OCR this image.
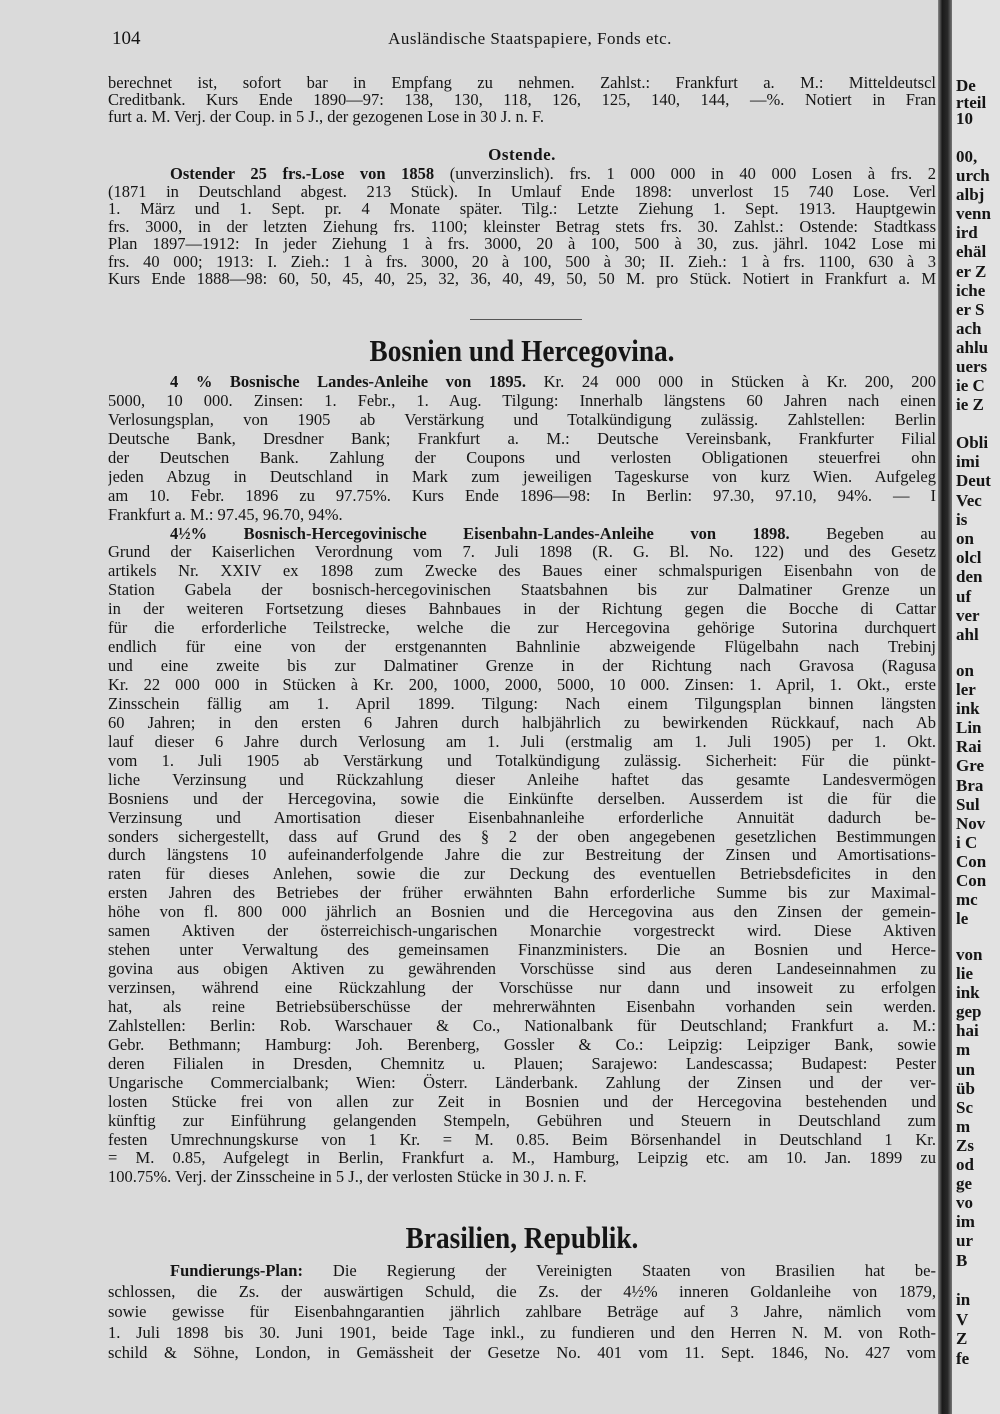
104	Ausländische Staatspapiere, Fonds etc.
berechnet ist, sofort bar in Empfang zu nehmen. Zahlst.: Frankfurt a. M.: Mitteldeutscl
Creditbank. Kurs Ende 1890—97: 138, 130, 118, 126, 125, 140, 144, —%. Notiert in Fran
furt a. M. Verj. der Coup. in 5 J., der gezogenen Lose in 30 J. n. F.
Ostende.
Ostender 25 frs.-Lose von 1858 (unverzinslich). frs. 1 000 000 in 40 000 Losen à frs. 2
(1871 in Deutschland abgest. 213 Stück). In Umlauf Ende 1898: unverlost 15 740 Lose. Verl
1. März und 1. Sept. pr. 4 Monate später. Tilg.: Letzte Ziehung 1. Sept. 1913. Hauptgewin
frs. 3000, in der letzten Ziehung frs. 1100; kleinster Betrag stets frs. 30. Zahlst.: Ostende: Stadtkass
Plan 1897—1912: In jeder Ziehung 1 à frs. 3000, 20 à 100, 500 à 30, zus. jährl. 1042 Lose mi
frs. 40 000; 1913: I. Zieh.: 1 à frs. 3000, 20 à 100, 500 à 30; II. Zieh.: 1 à frs. 1100, 630 à 3
Kurs Ende 1888—98: 60, 50, 45, 40, 25, 32, 36, 40, 49, 50, 50 M. pro Stück. Notiert in Frankfurt a. M
Bosnien und Hercegovina.
4 % Bosnische Landes-Anleihe von 1895. Kr. 24 000 000 in Stücken à Kr. 200, 200
5000, 10 000. Zinsen: 1. Febr., 1. Aug. Tilgung: Innerhalb längstens 60 Jahren nach einen
Verlosungsplan, von 1905 ab Verstärkung und Totalkündigung zulässig. Zahlstellen: Berlin
Deutsche Bank, Dresdner Bank; Frankfurt a. M.: Deutsche Vereinsbank, Frankfurter Filial
der Deutschen Bank. Zahlung der Coupons und verlosten Obligationen steuerfrei ohn
jeden Abzug in Deutschland in Mark zum jeweiligen Tageskurse von kurz Wien. Aufgeleg
am 10. Febr. 1896 zu 97.75%. Kurs Ende 1896—98: In Berlin: 97.30, 97.10, 94%. — I
Frankfurt a. M.: 97.45, 96.70, 94%.
4½% Bosnisch-Hercegovinische Eisenbahn-Landes-Anleihe von 1898. Begeben au
Grund der Kaiserlichen Verordnung vom 7. Juli 1898 (R. G. Bl. No. 122) und des Gesetz
artikels Nr. XXIV ex 1898 zum Zwecke des Baues einer schmalspurigen Eisenbahn von de
Station Gabela der bosnisch-hercegovinischen Staatsbahnen bis zur Dalmatiner Grenze un
in der weiteren Fortsetzung dieses Bahnbaues in der Richtung gegen die Bocche di Cattar
für die erforderliche Teilstrecke, welche die zur Hercegovina gehörige Sutorina durchquert
endlich für eine von der erstgenannten Bahnlinie abzweigende Flügelbahn nach Trebinj
und eine zweite bis zur Dalmatiner Grenze in der Richtung nach Gravosa (Ragusa
Kr. 22 000 000 in Stücken à Kr. 200, 1000, 2000, 5000, 10 000. Zinsen: 1. April, 1. Okt., erste
Zinsschein fällig am 1. April 1899. Tilgung: Nach einem Tilgungsplan binnen längsten
60 Jahren; in den ersten 6 Jahren durch halbjährlich zu bewirkenden Rückkauf, nach Ab
lauf dieser 6 Jahre durch Verlosung am 1. Juli (erstmalig am 1. Juli 1905) per 1. Okt.
vom 1. Juli 1905 ab Verstärkung und Totalkündigung zulässig. Sicherheit: Für die pünkt-
liche Verzinsung und Rückzahlung dieser Anleihe haftet das gesamte Landesvermögen
Bosniens und der Hercegovina, sowie die Einkünfte derselben. Ausserdem ist die für die
Verzinsung und Amortisation dieser Eisenbahnanleihe erforderliche Annuität dadurch be-
sonders sichergestellt, dass auf Grund des § 2 der oben angegebenen gesetzlichen Bestimmungen
durch längstens 10 aufeinanderfolgende Jahre die zur Bestreitung der Zinsen und Amortisations-
raten für dieses Anlehen, sowie die zur Deckung des eventuellen Betriebsdeficites in den
ersten Jahren des Betriebes der früher erwähnten Bahn erforderliche Summe bis zur Maximal-
höhe von fl. 800 000 jährlich an Bosnien und die Hercegovina aus den Zinsen der gemein-
samen Aktiven der österreichisch-ungarischen Monarchie vorgestreckt wird. Diese Aktiven
stehen unter Verwaltung des gemeinsamen Finanzministers. Die an Bosnien und Herce-
govina aus obigen Aktiven zu gewährenden Vorschüsse sind aus deren Landeseinnahmen zu
verzinsen, während eine Rückzahlung der Vorschüsse nur dann und insoweit zu erfolgen
hat, als reine Betriebsüberschüsse der mehrerwähnten Eisenbahn vorhanden sein werden.
Zahlstellen: Berlin: Rob. Warschauer & Co., Nationalbank für Deutschland; Frankfurt a. M.:
Gebr. Bethmann; Hamburg: Joh. Berenberg, Gossler & Co.: Leipzig: Leipziger Bank, sowie
deren Filialen in Dresden, Chemnitz u. Plauen; Sarajewo: Landescassa; Budapest: Pester
Ungarische Commercialbank; Wien: Österr. Länderbank. Zahlung der Zinsen und der ver-
losten Stücke frei von allen zur Zeit in Bosnien und der Hercegovina bestehenden und
künftig zur Einführung gelangenden Stempeln, Gebühren und Steuern in Deutschland zum
festen Umrechnungskurse von 1 Kr. = M. 0.85. Beim Börsenhandel in Deutschland 1 Kr.
= M. 0.85, Aufgelegt in Berlin, Frankfurt a. M., Hamburg, Leipzig etc. am 10. Jan. 1899 zu
100.75%. Verj. der Zinsscheine in 5 J., der verlosten Stücke in 30 J. n. F.
Brasilien, Republik.
Fundierungs-Plan: Die Regierung der Vereinigten Staaten von Brasilien hat be-
schlossen, die Zs. der auswärtigen Schuld, die Zs. der 4½% inneren Goldanleihe von 1879,
sowie gewisse für Eisenbahngarantien jährlich zahlbare Beträge auf 3 Jahre, nämlich vom
1. Juli 1898 bis 30. Juni 1901, beide Tage inkl., zu fundieren und den Herren N. M. von Roth-
schild & Söhne, London, in Gemässheit der Gesetze No. 401 vom 11. Sept. 1846, No. 427 vom
De
rteil
10
00,
urch
albj
venn
ird
ehäl
er Z
iche
er S
ach
ahlu
uers
ie C
ie Z
Obli
imi
Deut
Vec
is
on
olcl
den
uf
ver
ahl
on
ler
ink
Lin
Rai
Gre
Bra
Sul
Nov
i C
Con
Con
mc
le
von
lie
ink
gep
hai
m
un
üb
Sc
m
Zs
od
ge
vo
im
ur
B
in
V
Z
fe
